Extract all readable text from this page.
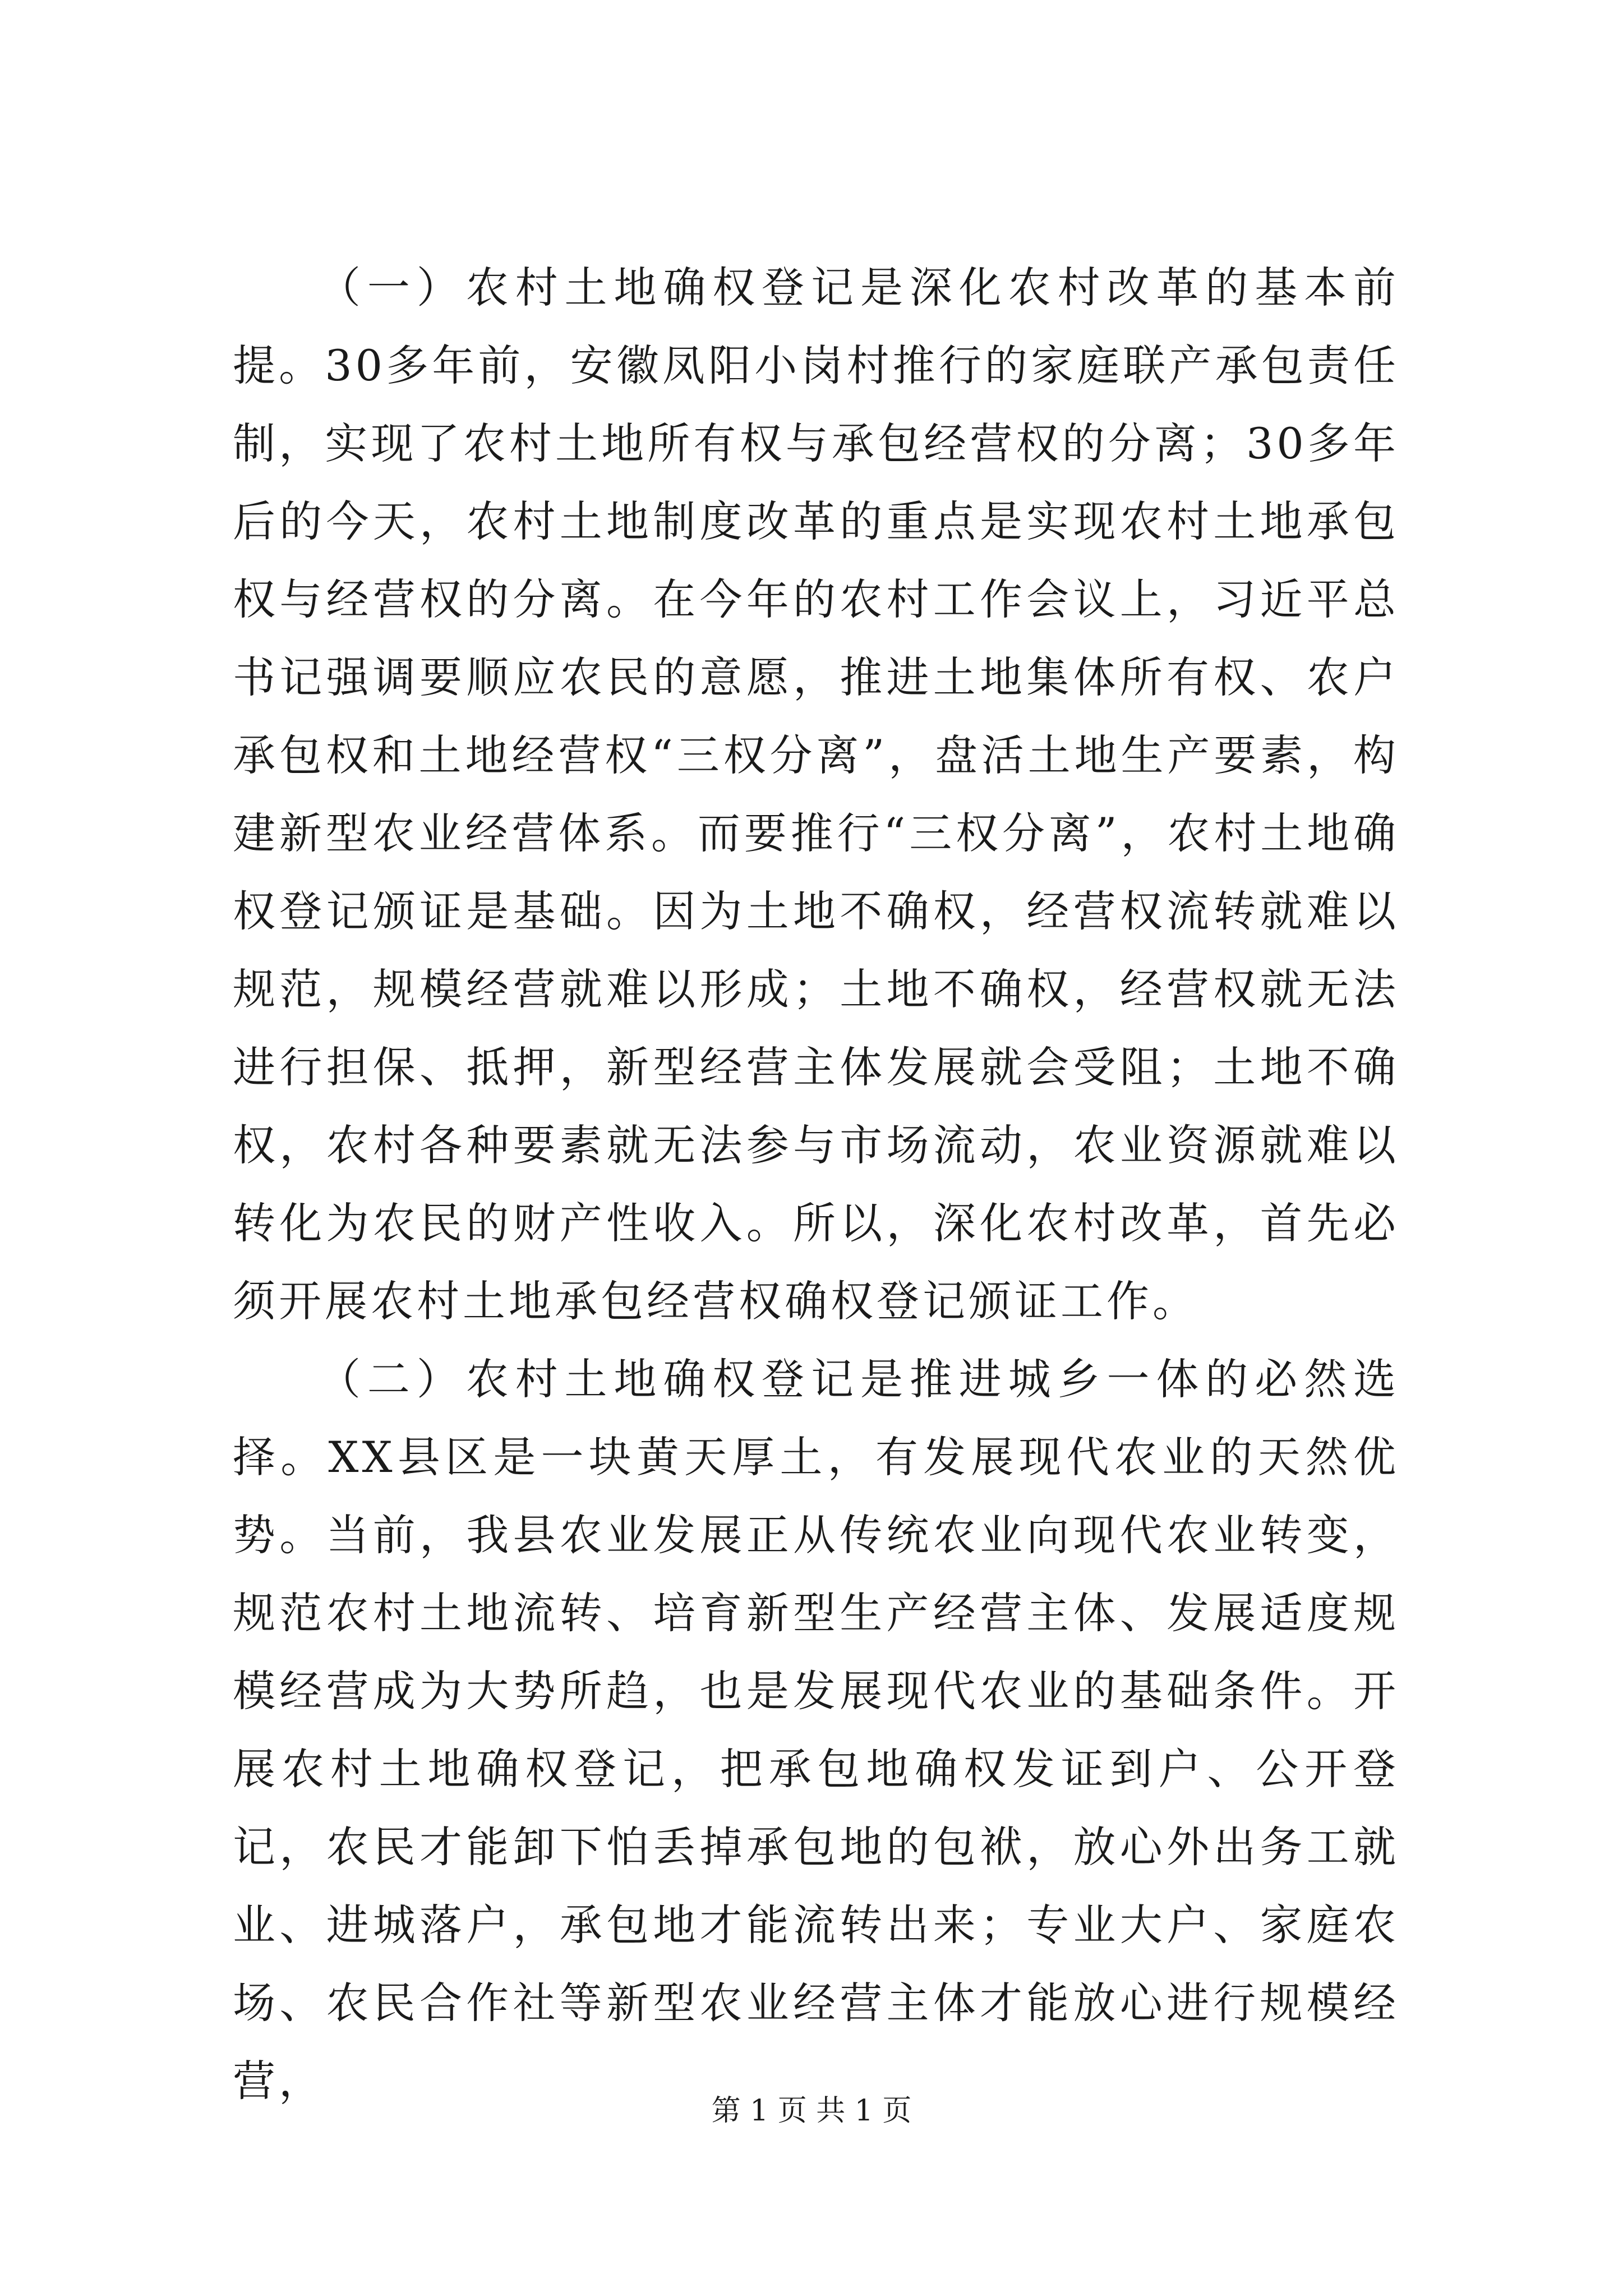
（一）农村土地确权登记是深化农村改革的基本前提。30多年前，安徽凤阳小岗村推行的家庭联产承包责任制，实现了农村土地所有权与承包经营权的分离；30多年后的今天，农村土地制度改革的重点是实现农村土地承包权与经营权的分离。在今年的农村工作会议上，习近平总书记强调要顺应农民的意愿，推进土地集体所有权、农户承包权和土地经营权“三权分离”，盘活土地生产要素，构建新型农业经营体系。而要推行“三权分离”，农村土地确权登记颁证是基础。因为土地不确权，经营权流转就难以规范，规模经营就难以形成；土地不确权，经营权就无法进行担保、抵押，新型经营主体发展就会受阻；土地不确权，农村各种要素就无法参与市场流动，农业资源就难以转化为农民的财产性收入。所以，深化农村改革，首先必须开展农村土地承包经营权确权登记颁证工作。

（二）农村土地确权登记是推进城乡一体的必然选择。XX县区是一块黄天厚土，有发展现代农业的天然优势。当前，我县农业发展正从传统农业向现代农业转变，规范农村土地流转、培育新型生产经营主体、发展适度规模经营成为大势所趋，也是发展现代农业的基础条件。开展农村土地确权登记，把承包地确权发证到户、公开登记，农民才能卸下怕丢掉承包地的包袱，放心外出务工就业、进城落户，承包地才能流转出来；专业大户、家庭农场、农民合作社等新型农业经营主体才能放心进行规模经营，

第 1 页 共 1 页
